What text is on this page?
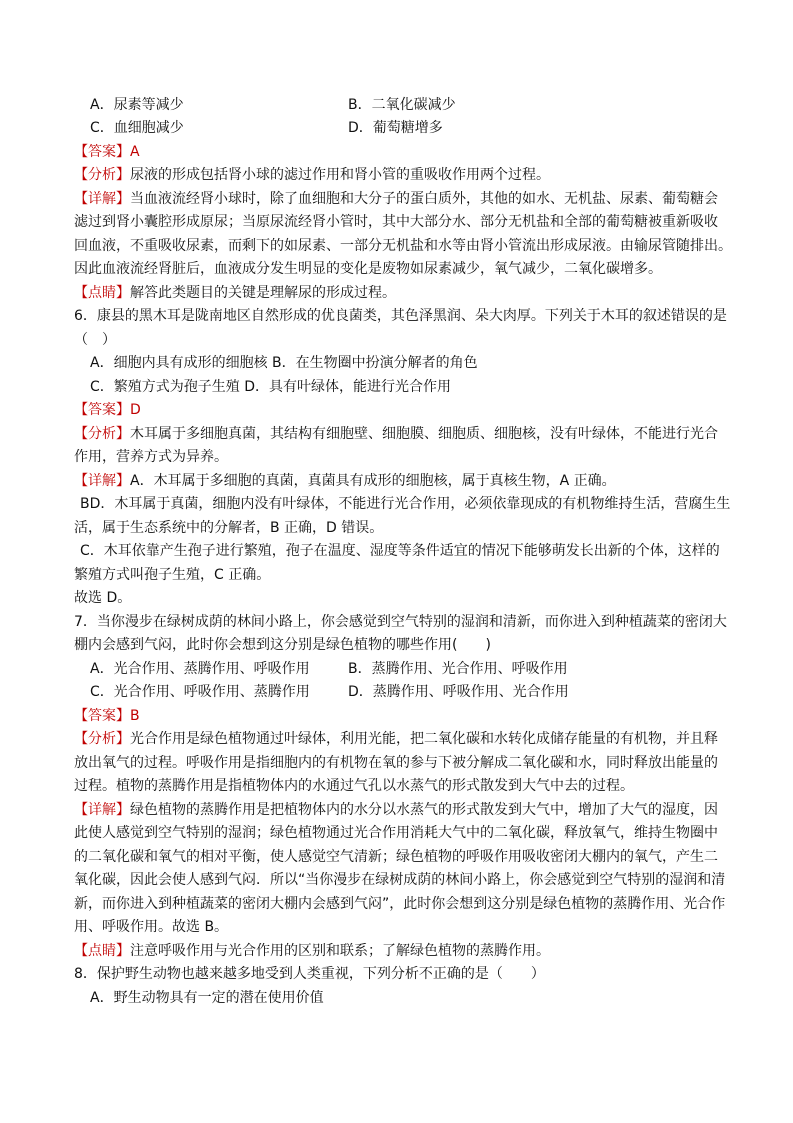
A．尿素等减少	B．二氧化碳减少
C．血细胞减少	D．葡萄糖增多
【答案】A
【分析】尿液的形成包括肾小球的滤过作用和肾小管的重吸收作用两个过程。
【详解】当血液流经肾小球时，除了血细胞和大分子的蛋白质外，其他的如水、无机盐、尿素、葡萄糖会
滤过到肾小囊腔形成原尿；当原尿流经肾小管时，其中大部分水、部分无机盐和全部的葡萄糖被重新吸收
回血液，不重吸收尿素，而剩下的如尿素、一部分无机盐和水等由肾小管流出形成尿液。由输尿管随排出。
因此血液流经肾脏后，血液成分发生明显的变化是废物如尿素减少，氧气减少，二氧化碳增多。
【点睛】解答此类题目的关键是理解尿的形成过程。
6．康县的黑木耳是陇南地区自然形成的优良菌类，其色泽黑润、朵大肉厚。下列关于木耳的叙述错误的是
（　）
A．细胞内具有成形的细胞核 B．在生物圈中扮演分解者的角色
C．繁殖方式为孢子生殖 D．具有叶绿体，能进行光合作用
【答案】D
【分析】木耳属于多细胞真菌，其结构有细胞壁、细胞膜、细胞质、细胞核，没有叶绿体，不能进行光合
作用，营养方式为异养。
【详解】A．木耳属于多细胞的真菌，真菌具有成形的细胞核，属于真核生物，A 正确。
BD．木耳属于真菌，细胞内没有叶绿体，不能进行光合作用，必须依靠现成的有机物维持生活，营腐生生
活，属于生态系统中的分解者，B 正确，D 错误。
C．木耳依靠产生孢子进行繁殖，孢子在温度、湿度等条件适宜的情况下能够萌发长出新的个体，这样的
繁殖方式叫孢子生殖，C 正确。
故选 D。
7．当你漫步在绿树成荫的林间小路上，你会感觉到空气特别的湿润和清新，而你进入到种植蔬菜的密闭大
棚内会感到气闷，此时你会想到这分别是绿色植物的哪些作用(　　)
A．光合作用、蒸腾作用、呼吸作用	B．蒸腾作用、光合作用、呼吸作用
C．光合作用、呼吸作用、蒸腾作用	D．蒸腾作用、呼吸作用、光合作用
【答案】B
【分析】光合作用是绿色植物通过叶绿体，利用光能，把二氧化碳和水转化成储存能量的有机物，并且释
放出氧气的过程。呼吸作用是指细胞内的有机物在氧的参与下被分解成二氧化碳和水，同时释放出能量的
过程。植物的蒸腾作用是指植物体内的水通过气孔以水蒸气的形式散发到大气中去的过程。
【详解】绿色植物的蒸腾作用是把植物体内的水分以水蒸气的形式散发到大气中，增加了大气的湿度，因
此使人感觉到空气特别的湿润；绿色植物通过光合作用消耗大气中的二氧化碳，释放氧气，维持生物圈中
的二氧化碳和氧气的相对平衡，使人感觉空气清新；绿色植物的呼吸作用吸收密闭大棚内的氧气，产生二
氧化碳，因此会使人感到气闷．所以“当你漫步在绿树成荫的林间小路上，你会感觉到空气特别的湿润和清
新，而你进入到种植蔬菜的密闭大棚内会感到气闷”，此时你会想到这分别是绿色植物的蒸腾作用、光合作
用、呼吸作用。故选 B。
【点睛】注意呼吸作用与光合作用的区别和联系；了解绿色植物的蒸腾作用。
8．保护野生动物也越来越多地受到人类重视，下列分析不正确的是（　　）
A．野生动物具有一定的潜在使用价值
